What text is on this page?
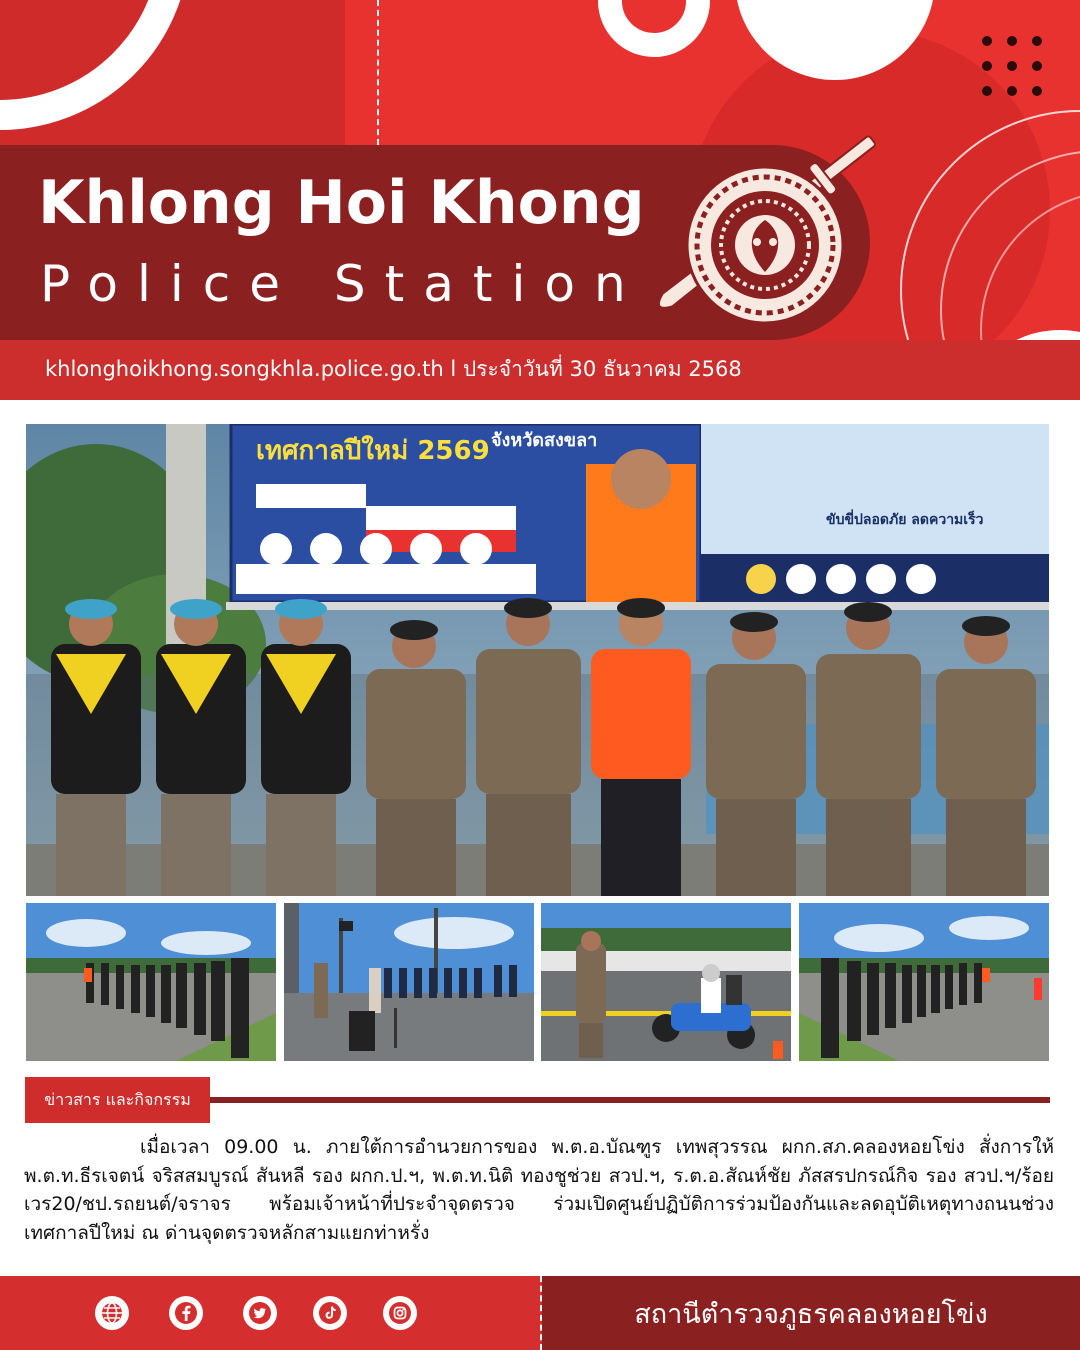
Khlong Hoi Khong
Police Station
khlonghoikhong.songkhla.police.go.th l ประจำวันที่ 30 ธันวาคม 2568
เทศกาลปีใหม่ 2569 จังหวัดสงขลา
ขับขี่ปลอดภัย ลดความเร็ว
ข่าวสาร และกิจกรรม

เมื่อเวลา 09.00 น. ภายใต้การอำนวยการของ พ.ต.อ.บัณฑูร เทพสุวรรณ ผกก.สภ.คลองหอยโข่ง สั่งการให้ พ.ต.ท.ธีรเจตน์ จริสสมบูรณ์ สันหลี รอง ผกก.ป.ฯ, พ.ต.ท.นิติ ทองชูช่วย สวป.ฯ, ร.ต.อ.สัณห์ชัย ภัสสรปกรณ์กิจ รอง สวป.ฯ/ร้อยเวร20/ชป.รถยนต์/จราจร พร้อมเจ้าหน้าที่ประจำจุดตรวจ ร่วมเปิดศูนย์ปฏิบัติการร่วมป้องกันและลดอุบัติเหตุทางถนนช่วงเทศกาลปีใหม่ ณ ด่านจุดตรวจหลักสามแยกท่าหรั่ง

สถานีตำรวจภูธรคลองหอยโข่ง
